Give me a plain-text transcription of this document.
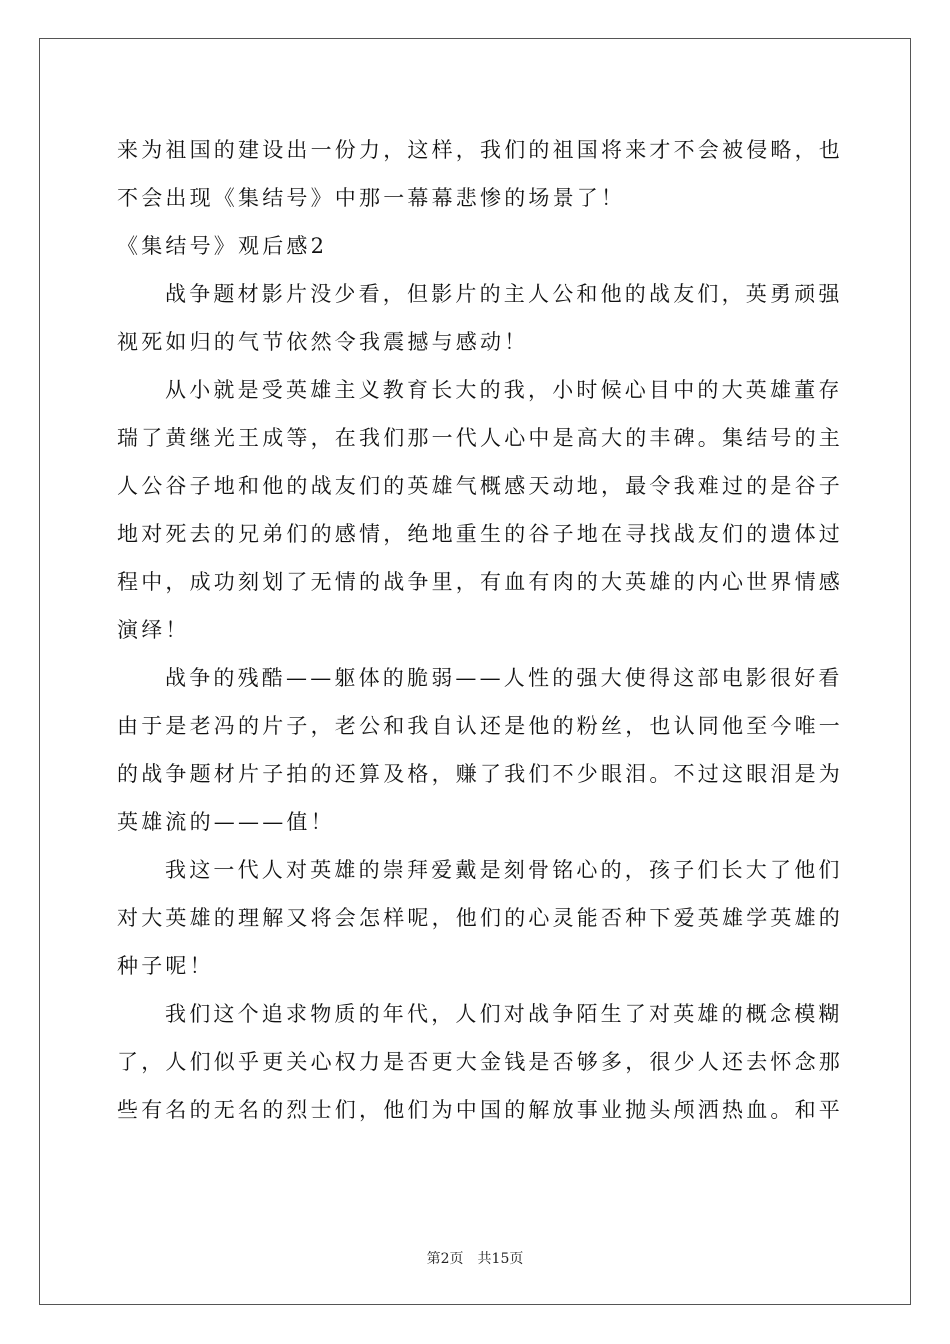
来为祖国的建设出一份力，这样，我们的祖国将来才不会被侵略，也
不会出现《集结号》中那一幕幕悲惨的场景了！
《集结号》观后感2
战争题材影片没少看，但影片的主人公和他的战友们，英勇顽强
视死如归的气节依然令我震撼与感动！
从小就是受英雄主义教育长大的我，小时候心目中的大英雄董存
瑞了黄继光王成等，在我们那一代人心中是高大的丰碑。集结号的主
人公谷子地和他的战友们的英雄气概感天动地，最令我难过的是谷子
地对死去的兄弟们的感情，绝地重生的谷子地在寻找战友们的遗体过
程中，成功刻划了无情的战争里，有血有肉的大英雄的内心世界情感
演绎！
战争的残酷——躯体的脆弱——人性的强大使得这部电影很好看
由于是老冯的片子，老公和我自认还是他的粉丝，也认同他至今唯一
的战争题材片子拍的还算及格，赚了我们不少眼泪。不过这眼泪是为
英雄流的———值！
我这一代人对英雄的崇拜爱戴是刻骨铭心的，孩子们长大了他们
对大英雄的理解又将会怎样呢，他们的心灵能否种下爱英雄学英雄的
种子呢！
我们这个追求物质的年代，人们对战争陌生了对英雄的概念模糊
了，人们似乎更关心权力是否更大金钱是否够多，很少人还去怀念那
些有名的无名的烈士们，他们为中国的解放事业抛头颅洒热血。和平
第2页 共15页
